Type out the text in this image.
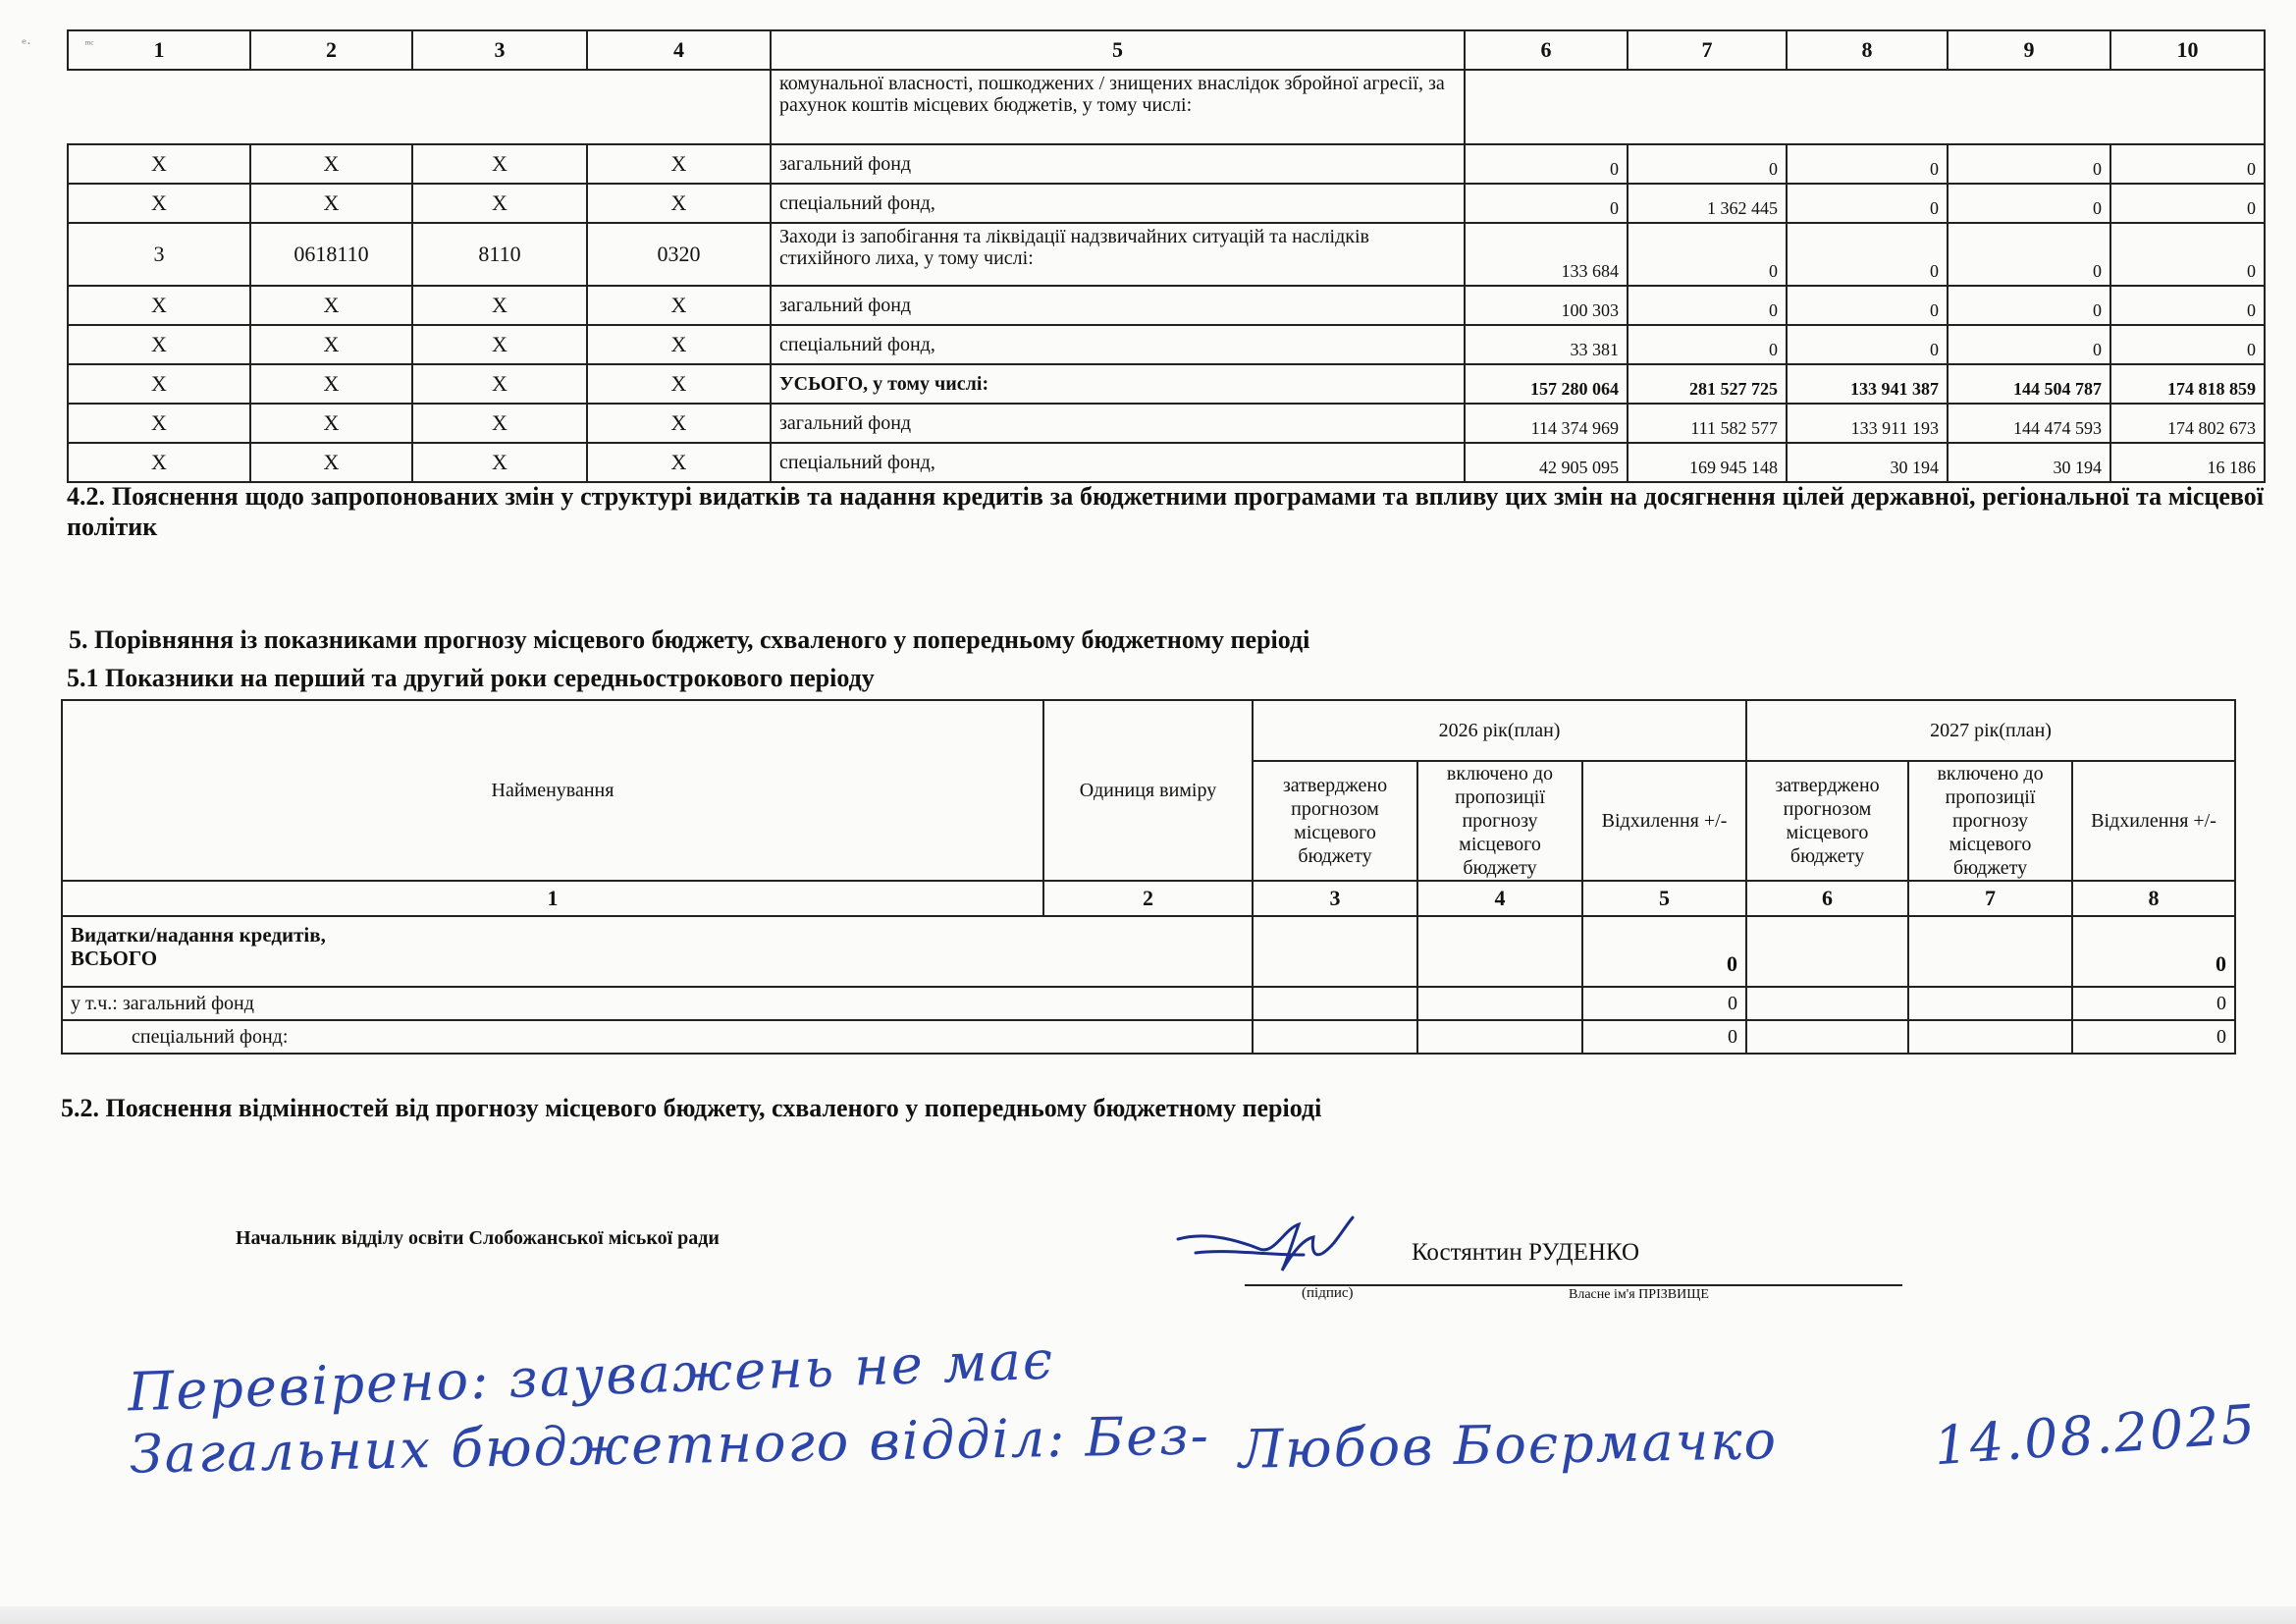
ᵉ·	ᵐᶜ 1	2	3	4	5	6	7	8	9	10
				комунальної власності, пошкоджених / знищених внаслідок збройної агресії, за рахунок коштів місцевих бюджетів, у тому числі:					
X	X	X	X	загальний фонд	0	0	0	0	0
X	X	X	X	спеціальний фонд,	0	1 362 445	0	0	0
3	0618110	8110	0320	Заходи із запобігання та ліквідації надзвичайних ситуацій та наслідків стихійного лиха, у тому числі:	133 684	0	0	0	0
X	X	X	X	загальний фонд	100 303	0	0	0	0
X	X	X	X	спеціальний фонд,	33 381	0	0	0	0
X	X	X	X	УСЬОГО, у тому числі:	157 280 064	281 527 725	133 941 387	144 504 787	174 818 859
X	X	X	X	загальний фонд	114 374 969	111 582 577	133 911 193	144 474 593	174 802 673
X	X	X	X	спеціальний фонд,	42 905 095	169 945 148	30 194	30 194	16 186
4.2. Пояснення щодо запропонованих змін у структурі видатків та надання кредитів за бюджетними програмами та впливу цих змін на досягнення цілей державної, регіональної та місцевої політик
5. Порівняння із показниками прогнозу місцевого бюджету, схваленого у попередньому бюджетному періоді
5.1 Показники на перший та другий роки середньострокового періоду
Найменування	Одиниця виміру	2026 рік(план)			2027 рік(план)		
		затверджено прогнозом місцевого бюджету	включено до пропозиції прогнозу місцевого бюджету	Відхилення +/-	затверджено прогнозом місцевого бюджету	включено до пропозиції прогнозу місцевого бюджету	Відхилення +/-
1	2	3	4	5	6	7	8
Видатки/надання кредитів,
ВСЬОГО				0			0
у т.ч.: загальний фонд				0			0
спеціальний фонд:				0			0
5.2. Пояснення відмінностей від прогнозу місцевого бюджету, схваленого у попередньому бюджетному періоді
Начальник відділу освіти Слобожанської міської ради
Костянтин РУДЕНКО
(підпис)	Власне ім'я ПРІЗВИЩЕ
Перевірено: зауважень не має
Загальних бюджетного відділ: Без- Любов Боєрмачко	14.08.2025
